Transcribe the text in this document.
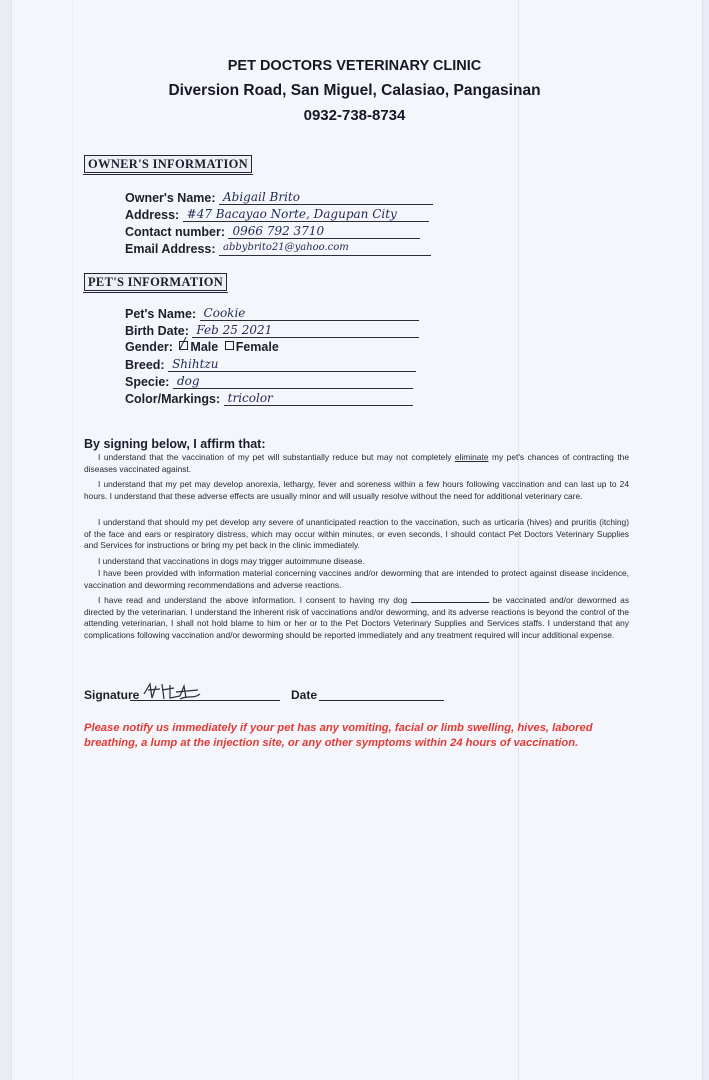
PET DOCTORS VETERINARY CLINIC
Diversion Road, San Miguel, Calasiao, Pangasinan
0932-738-8734
OWNER'S INFORMATION
Owner's Name: Abigail Brito
Address: #47 Bacayao Norte, Dagupan City
Contact number: 0966 792 3710
Email Address: abbybrito21@yahoo.com
PET'S INFORMATION
Pet's Name: Cookie
Birth Date: Feb 25 2021
Gender: / Male Female
Breed: Shihtzu
Specie: dog
Color/Markings: tricolor
By signing below, I affirm that:
I understand that the vaccination of my pet will substantially reduce but may not completely eliminate my pet's chances of contracting the diseases vaccinated against.
I understand that my pet may develop anorexia, lethargy, fever and soreness within a few hours following vaccination and can last up to 24 hours. I understand that these adverse effects are usually minor and will usually resolve without the need for additional veterinary care.
I understand that should my pet develop any severe of unanticipated reaction to the vaccination, such as urticaria (hives) and pruritis (itching) of the face and ears or respiratory distress, which may occur within minutes, or even seconds, I should contact Pet Doctors Veterinary Supplies and Services for instructions or bring my pet back in the clinic immediately.
I understand that vaccinations in dogs may trigger autoimmune disease.
I have been provided with information material concerning vaccines and/or deworming that are intended to protect against disease incidence, vaccination and deworming recommendations and adverse reactions.
I have read and understand the above information. I consent to having my dog	be vaccinated and/or dewormed as directed by the veterinarian. I understand the inherent risk of vaccinations and/or deworming, and its adverse reactions is beyond the control of the attending veterinarian, I shall not hold blame to him or her or to the Pet Doctors Veterinary Supplies and Services staffs. I understand that any complications following vaccination and/or deworming should be reported immediately and any treatment required will incur additional expense.
Signature	Date
Please notify us immediately if your pet has any vomiting, facial or limb swelling, hives, labored breathing, a lump at the injection site, or any other symptoms within 24 hours of vaccination.
